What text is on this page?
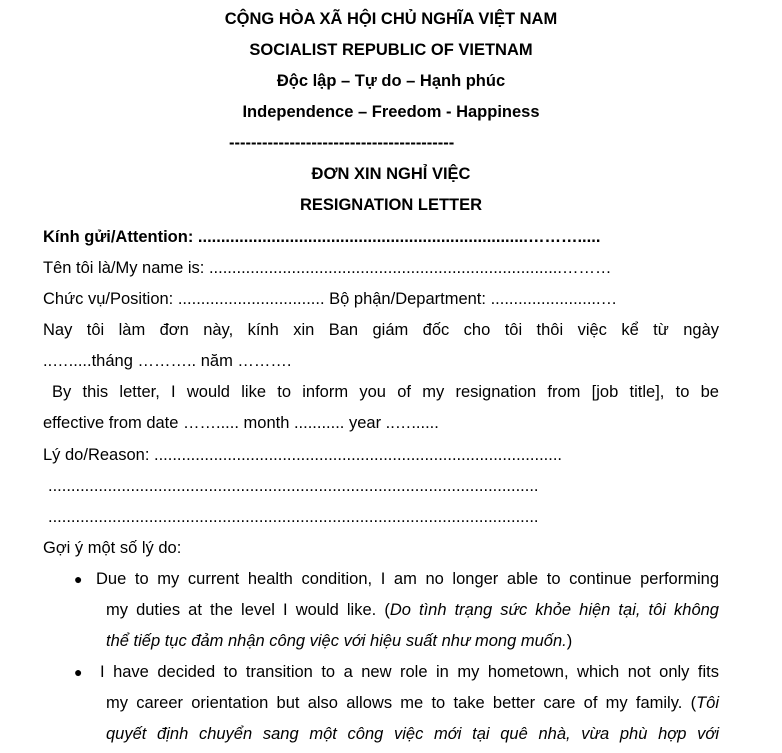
CỘNG HÒA XÃ HỘI CHỦ NGHĨA VIỆT NAM
SOCIALIST REPUBLIC OF VIETNAM
Độc lập – Tự do – Hạnh phúc
Independence – Freedom - Happiness
-----------------------------------------
ĐƠN XIN NGHỈ VIỆC
RESIGNATION LETTER
Kính gửi/Attention: ........................................................................……….....
Tên tôi là/My name is: .............................................................................………
Chức vụ/Position: ................................ Bộ phận/Department: ........................…
Nay tôi làm đơn này, kính xin Ban giám đốc cho tôi thôi việc kể từ ngày
..….....tháng ……….. năm ……….
By this letter, I would like to inform you of my resignation from [job title], to be
effective from date ……..... month ........... year ..…......
Lý do/Reason: .........................................................................................
...........................................................................................................
...........................................................................................................
Gợi ý một số lý do:
● Due to my current health condition, I am no longer able to continue performing
my duties at the level I would like. (Do tình trạng sức khỏe hiện tại, tôi không
thể tiếp tục đảm nhận công việc với hiệu suất như mong muốn.)
● I have decided to transition to a new role in my hometown, which not only fits
my career orientation but also allows me to take better care of my family. (Tôi
quyết định chuyển sang một công việc mới tại quê nhà, vừa phù hợp với
